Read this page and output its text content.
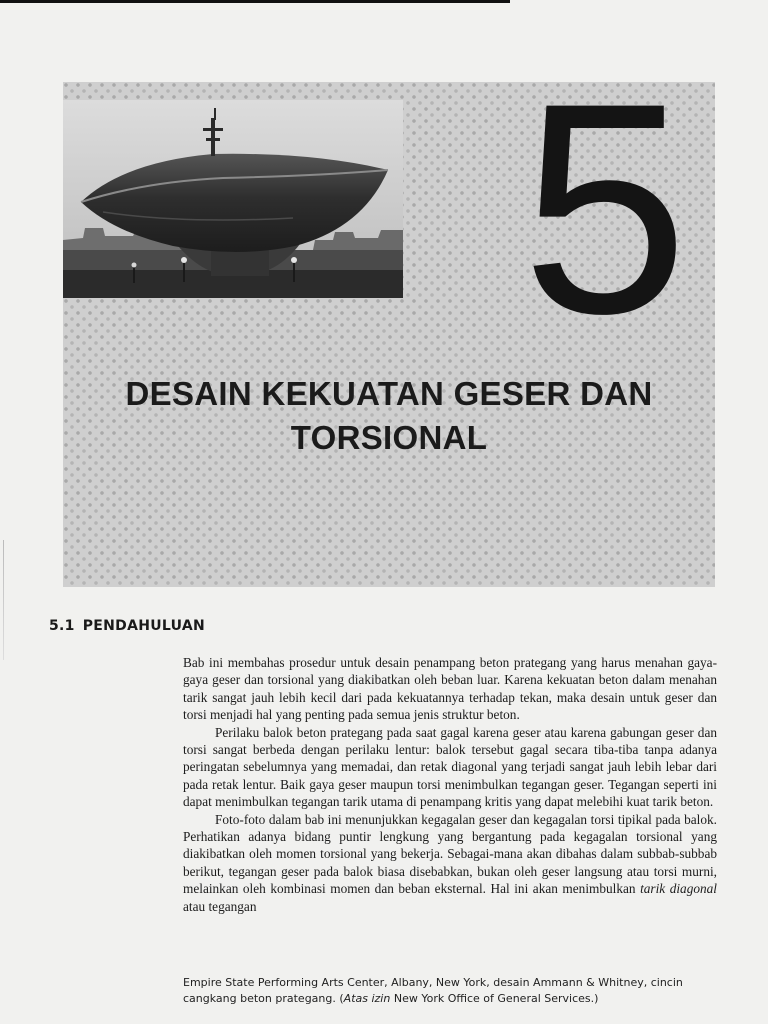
5
DESAIN KEKUATAN GESER DAN
TORSIONAL
5.1 PENDAHULUAN

Bab ini membahas prosedur untuk desain penampang beton prategang yang harus menahan gaya-gaya geser dan torsional yang diakibatkan oleh beban luar. Karena kekuatan beton dalam menahan tarik sangat jauh lebih kecil dari pada kekuatannya terhadap tekan, maka desain untuk geser dan torsi menjadi hal yang penting pada semua jenis struktur beton.

Perilaku balok beton prategang pada saat gagal karena geser atau karena gabungan geser dan torsi sangat berbeda dengan perilaku lentur: balok tersebut gagal secara tiba-tiba tanpa adanya peringatan sebelumnya yang memadai, dan retak diagonal yang terjadi sangat jauh lebih lebar dari pada retak lentur. Baik gaya geser maupun torsi menimbulkan tegangan geser. Tegangan seperti ini dapat menimbulkan tegangan tarik utama di penampang kritis yang dapat melebihi kuat tarik beton.

Foto-foto dalam bab ini menunjukkan kegagalan geser dan kegagalan torsi tipikal pada balok. Perhatikan adanya bidang puntir lengkung yang bergantung pada kegagalan torsional yang diakibatkan oleh momen torsional yang bekerja. Sebagai-mana akan dibahas dalam subbab-subbab berikut, tegangan geser pada balok biasa disebabkan, bukan oleh geser langsung atau torsi murni, melainkan oleh kombinasi momen dan beban eksternal. Hal ini akan menimbulkan tarik diagonal atau tegangan

Empire State Performing Arts Center, Albany, New York, desain Ammann & Whitney, cincin cangkang beton prategang. (Atas izin New York Office of General Services.)
